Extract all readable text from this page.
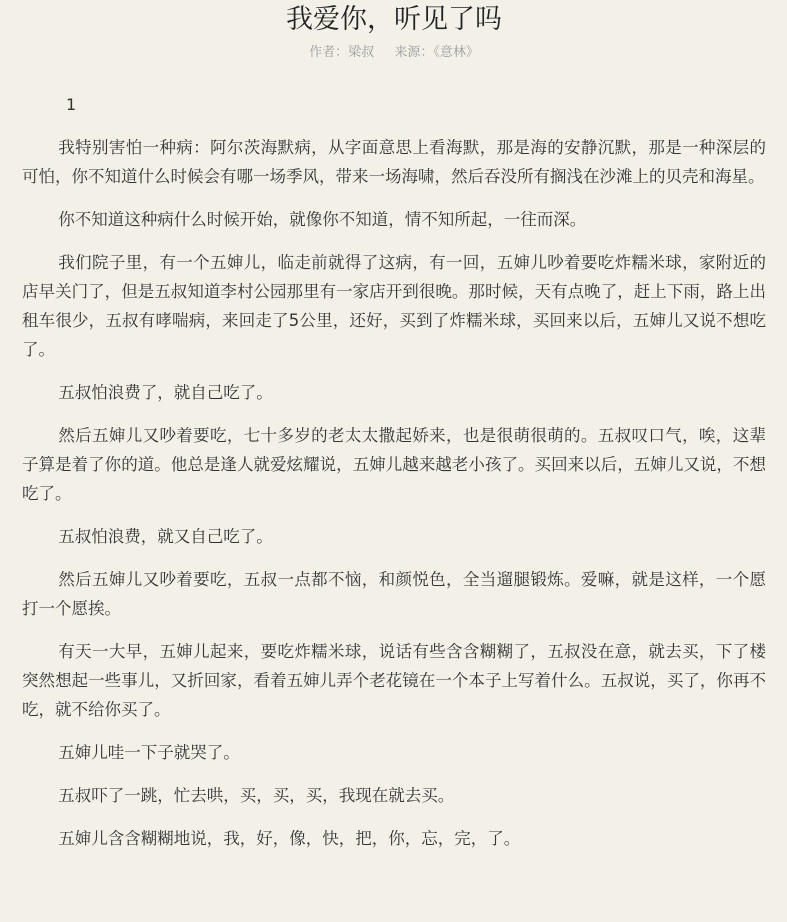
我爱你，听见了吗
作者：梁叔 来源：《意林》
1

我特别害怕一种病：阿尔茨海默病，从字面意思上看海默，那是海的安静沉默，那是一种深层的可怕，你不知道什么时候会有哪一场季风，带来一场海啸，然后吞没所有搁浅在沙滩上的贝壳和海星。

你不知道这种病什么时候开始，就像你不知道，情不知所起，一往而深。

我们院子里，有一个五婶儿，临走前就得了这病，有一回，五婶儿吵着要吃炸糯米球，家附近的店早关门了，但是五叔知道李村公园那里有一家店开到很晚。那时候，天有点晚了，赶上下雨，路上出租车很少，五叔有哮喘病，来回走了5公里，还好，买到了炸糯米球，买回来以后，五婶儿又说不想吃了。

五叔怕浪费了，就自己吃了。

然后五婶儿又吵着要吃，七十多岁的老太太撒起娇来，也是很萌很萌的。五叔叹口气，唉，这辈子算是着了你的道。他总是逢人就爱炫耀说，五婶儿越来越老小孩了。买回来以后，五婶儿又说，不想吃了。

五叔怕浪费，就又自己吃了。

然后五婶儿又吵着要吃，五叔一点都不恼，和颜悦色，全当遛腿锻炼。爱嘛，就是这样，一个愿打一个愿挨。

有天一大早，五婶儿起来，要吃炸糯米球，说话有些含含糊糊了，五叔没在意，就去买，下了楼突然想起一些事儿，又折回家，看着五婶儿弄个老花镜在一个本子上写着什么。五叔说，买了，你再不吃，就不给你买了。

五婶儿哇一下子就哭了。

五叔吓了一跳，忙去哄，买，买，买，我现在就去买。

五婶儿含含糊糊地说，我，好，像，快，把，你，忘，完，了。
